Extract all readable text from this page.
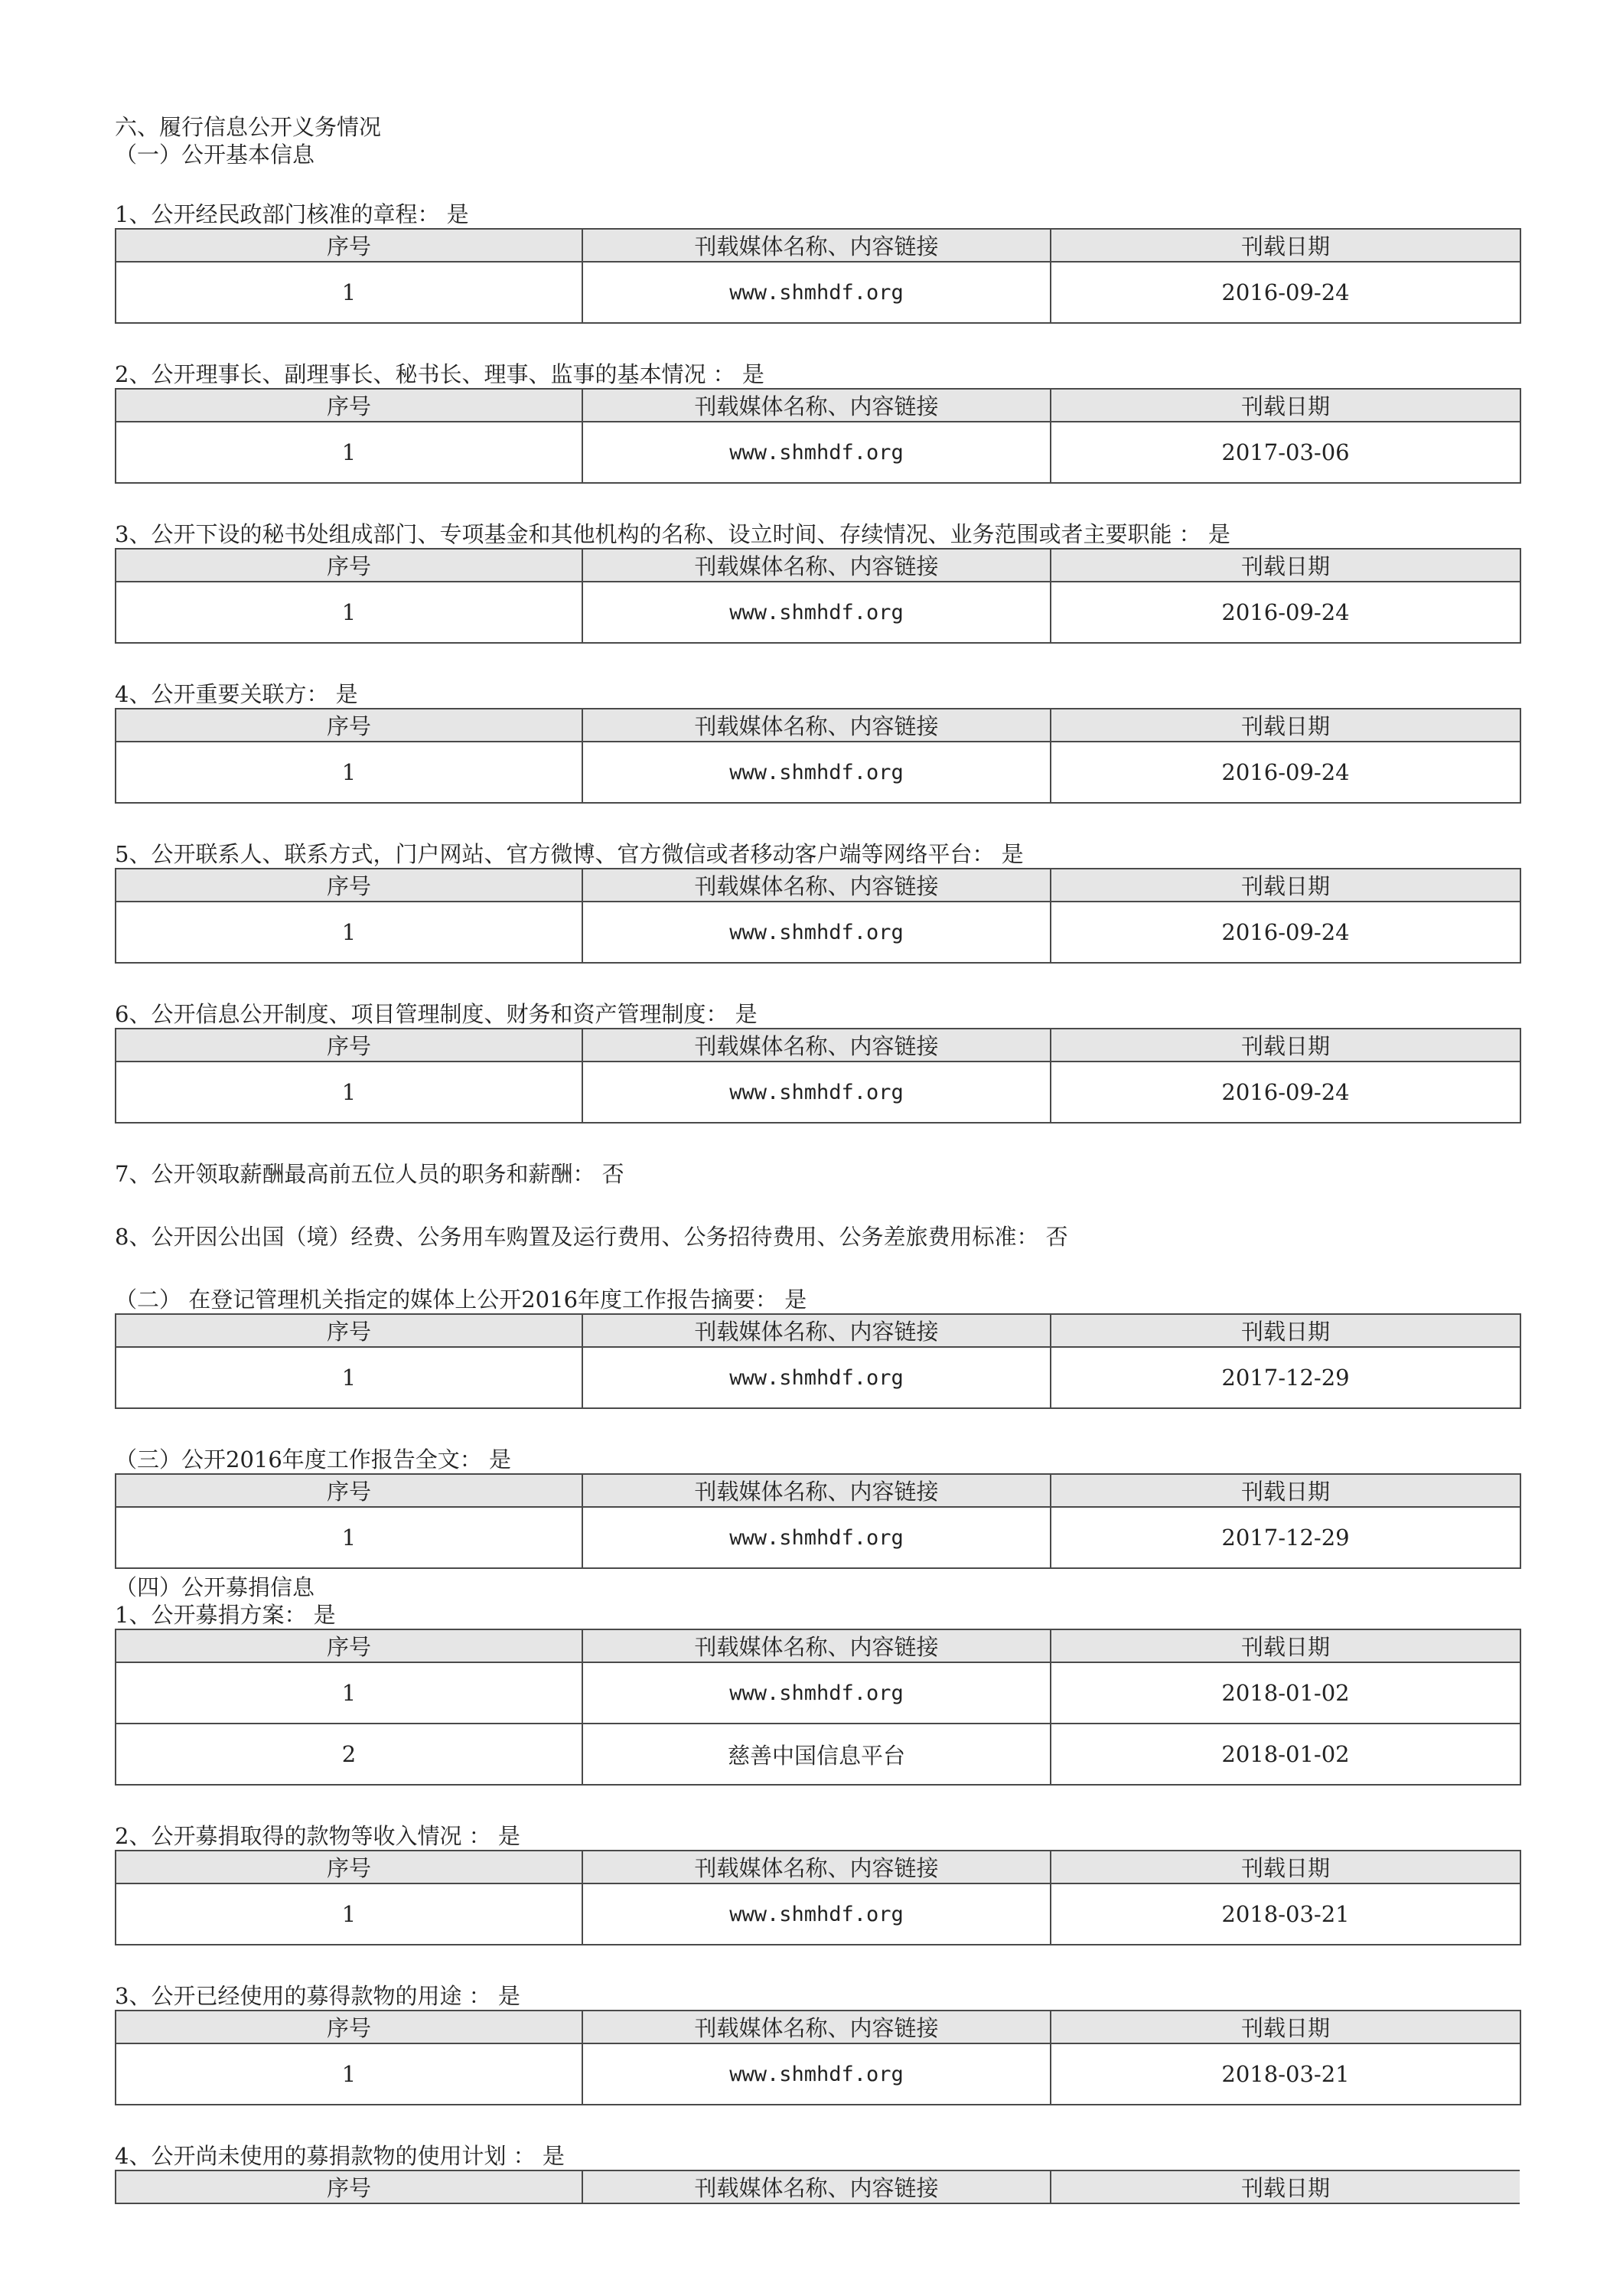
六、履行信息公开义务情况
（一）公开基本信息
1、公开经民政部门核准的章程： 是
序号	刊载媒体名称、内容链接	刊载日期
1	www.shmhdf.org	2016-09-24
2、公开理事长、副理事长、秘书长、理事、监事的基本情况 ： 是
序号	刊载媒体名称、内容链接	刊载日期
1	www.shmhdf.org	2017-03-06
3、公开下设的秘书处组成部门、专项基金和其他机构的名称、设立时间、存续情况、业务范围或者主要职能 ： 是
序号	刊载媒体名称、内容链接	刊载日期
1	www.shmhdf.org	2016-09-24
4、公开重要关联方： 是
序号	刊载媒体名称、内容链接	刊载日期
1	www.shmhdf.org	2016-09-24
5、公开联系人、联系方式，门户网站、官方微博、官方微信或者移动客户端等网络平台： 是
序号	刊载媒体名称、内容链接	刊载日期
1	www.shmhdf.org	2016-09-24
6、公开信息公开制度、项目管理制度、财务和资产管理制度： 是
序号	刊载媒体名称、内容链接	刊载日期
1	www.shmhdf.org	2016-09-24
7、公开领取薪酬最高前五位人员的职务和薪酬： 否
8、公开因公出国（境）经费、公务用车购置及运行费用、公务招待费用、公务差旅费用标准： 否
（二） 在登记管理机关指定的媒体上公开2016年度工作报告摘要： 是
序号	刊载媒体名称、内容链接	刊载日期
1	www.shmhdf.org	2017-12-29
（三）公开2016年度工作报告全文： 是
序号	刊载媒体名称、内容链接	刊载日期
1	www.shmhdf.org	2017-12-29
（四）公开募捐信息
1、公开募捐方案： 是
序号	刊载媒体名称、内容链接	刊载日期
1	www.shmhdf.org	2018-01-02
2	慈善中国信息平台	2018-01-02
2、公开募捐取得的款物等收入情况 ： 是
序号	刊载媒体名称、内容链接	刊载日期
1	www.shmhdf.org	2018-03-21
3、公开已经使用的募得款物的用途 ： 是
序号	刊载媒体名称、内容链接	刊载日期
1	www.shmhdf.org	2018-03-21
4、公开尚未使用的募捐款物的使用计划 ： 是
序号	刊载媒体名称、内容链接	刊载日期
